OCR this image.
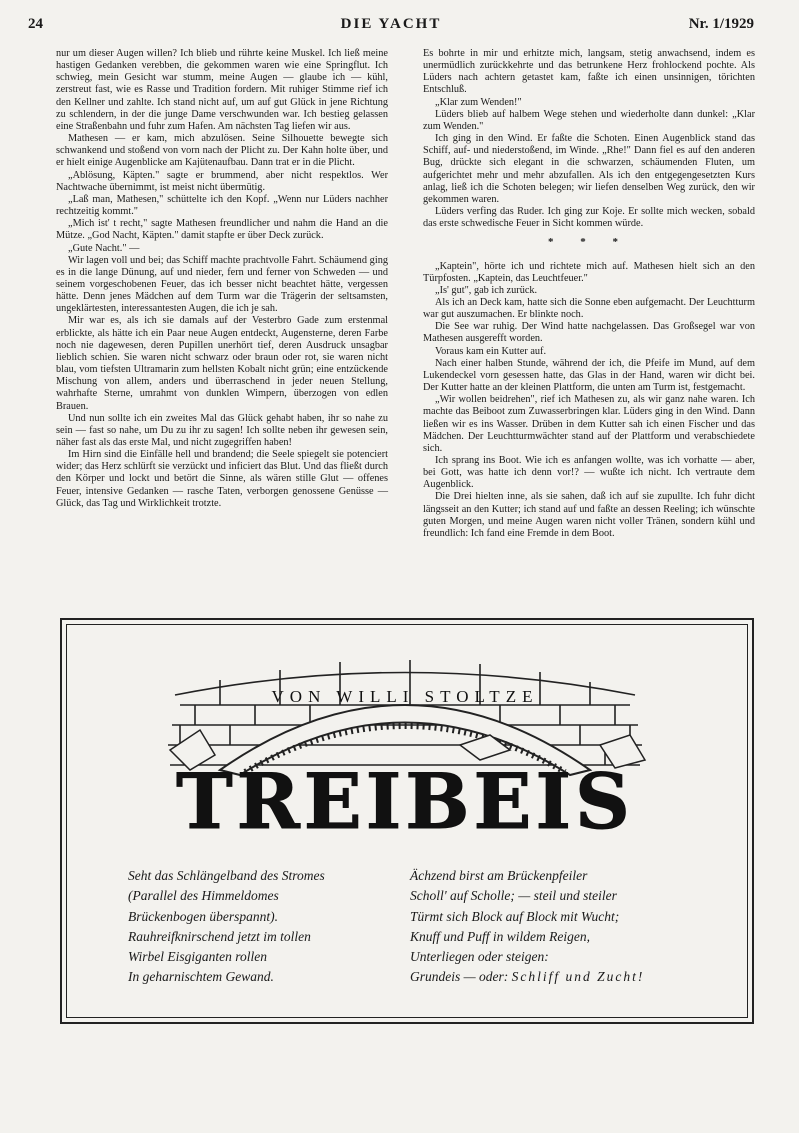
24	DIE YACHT	Nr. 1/1929

nur um dieser Augen willen? Ich blieb und rührte keine Muskel. Ich ließ meine hastigen Gedanken verebben, die gekommen waren wie eine Springflut. Ich schwieg, mein Gesicht war stumm, meine Augen — glaube ich — kühl, zerstreut fast, wie es Rasse und Tradition fordern. Mit ruhiger Stimme rief ich den Kellner und zahlte. Ich stand nicht auf, um auf gut Glück in jene Richtung zu schlendern, in der die junge Dame verschwunden war. Ich bestieg gelassen eine Straßenbahn und fuhr zum Hafen. Am nächsten Tag liefen wir aus.

Mathesen — er kam, mich abzulösen. Seine Silhouette bewegte sich schwankend und stoßend von vorn nach der Plicht zu. Der Kahn holte über, und er hielt einige Augenblicke am Kajütenaufbau. Dann trat er in die Plicht.

„Ablösung, Käpten." sagte er brummend, aber nicht respektlos. Wer Nachtwache übernimmt, ist meist nicht übermütig.

„Laß man, Mathesen," schüttelte ich den Kopf. „Wenn nur Lüders nachher rechtzeitig kommt."

„Mich ist' t recht," sagte Mathesen freundlicher und nahm die Hand an die Mütze. „God Nacht, Käpten." damit stapfte er über Deck zurück.

„Gute Nacht." —

Wir lagen voll und bei; das Schiff machte prachtvolle Fahrt. Schäumend ging es in die lange Dünung, auf und nieder, fern und ferner von Schweden — und seinem vorgeschobenen Feuer, das ich besser nicht beachtet hätte, vergessen hätte. Denn jenes Mädchen auf dem Turm war die Trägerin der seltsamsten, ungeklärtesten, interessantesten Augen, die ich je sah.

Mir war es, als ich sie damals auf der Vesterbro Gade zum erstenmal erblickte, als hätte ich ein Paar neue Augen entdeckt, Augensterne, deren Farbe noch nie dagewesen, deren Pupillen unerhört tief, deren Ausdruck unsagbar lieblich schien. Sie waren nicht schwarz oder braun oder rot, sie waren nicht blau, vom tiefsten Ultramarin zum hellsten Kobalt nicht grün; eine entzückende Mischung von allem, anders und überraschend in jeder neuen Stellung, wahrhafte Sterne, umrahmt von dunklen Wimpern, überzogen von edlen Brauen.

Und nun sollte ich ein zweites Mal das Glück gehabt haben, ihr so nahe zu sein — fast so nahe, um Du zu ihr zu sagen! Ich sollte neben ihr gewesen sein, näher fast als das erste Mal, und nicht zugegriffen haben!

Im Hirn sind die Einfälle hell und brandend; die Seele spiegelt sie potenciert wider; das Herz schlürft sie verzückt und inficiert das Blut. Und das fließt durch den Körper und lockt und betört die Sinne, als wären stille Glut — offenes Feuer, intensive Gedanken — rasche Taten, verborgen genossene Genüsse — Glück, das Tag und Wirklichkeit trotzte.

Es bohrte in mir und erhitzte mich, langsam, stetig anwachsend, indem es unermüdlich zurückkehrte und das betrunkene Herz frohlockend pochte. Als Lüders nach achtern getastet kam, faßte ich einen unsinnigen, törichten Entschluß.

„Klar zum Wenden!"

Lüders blieb auf halbem Wege stehen und wiederholte dann dunkel: „Klar zum Wenden."

Ich ging in den Wind. Er faßte die Schoten. Einen Augenblick stand das Schiff, auf- und niederstoßend, im Winde. „Rhe!" Dann fiel es auf den anderen Bug, drückte sich elegant in die schwarzen, schäumenden Fluten, um aufgerichtet mehr und mehr abzufallen. Als ich den entgegengesetzten Kurs anlag, ließ ich die Schoten belegen; wir liefen denselben Weg zurück, den wir gekommen waren.

Lüders verfing das Ruder. Ich ging zur Koje. Er sollte mich wecken, sobald das erste schwedische Feuer in Sicht kommen würde.

* * *

„Kaptein", hörte ich und richtete mich auf. Mathesen hielt sich an den Türpfosten. „Kaptein, das Leuchtfeuer."

„Is' gut", gab ich zurück.

Als ich an Deck kam, hatte sich die Sonne eben aufgemacht. Der Leuchtturm war gut auszumachen. Er blinkte noch.

Die See war ruhig. Der Wind hatte nachgelassen. Das Großsegel war von Mathesen ausgerefft worden.

Voraus kam ein Kutter auf.

Nach einer halben Stunde, während der ich, die Pfeife im Mund, auf dem Lukendeckel vorn gesessen hatte, das Glas in der Hand, waren wir dicht bei. Der Kutter hatte an der kleinen Plattform, die unten am Turm ist, festgemacht.

„Wir wollen beidrehen", rief ich Mathesen zu, als wir ganz nahe waren. Ich machte das Beiboot zum Zuwasserbringen klar. Lüders ging in den Wind. Dann ließen wir es ins Wasser. Drüben in dem Kutter sah ich einen Fischer und das Mädchen. Der Leuchtturmwächter stand auf der Plattform und verabschiedete sich.

Ich sprang ins Boot. Wie ich es anfangen wollte, was ich vorhatte — aber, bei Gott, was hatte ich denn vor!? — wußte ich nicht. Ich vertraute dem Augenblick.

Die Drei hielten inne, als sie sahen, daß ich auf sie zupullte. Ich fuhr dicht längsseit an den Kutter; ich stand auf und faßte an dessen Reeling; ich wünschte guten Morgen, und meine Augen waren nicht voller Tränen, sondern kühl und freundlich: Ich fand eine Fremde in dem Boot.

VON WILLI STOLTZE
TREIBEIS
Seht das Schlängelband des Stromes
(Parallel des Himmeldomes
Brückenbogen überspannt).
Rauhreifknirschend jetzt im tollen
Wirbel Eisgiganten rollen
In geharnischtem Gewand.
Ächzend birst am Brückenpfeiler
Scholl' auf Scholle; — steil und steiler
Türmt sich Block auf Block mit Wucht;
Knuff und Puff in wildem Reigen,
Unterliegen oder steigen:
Grundeis — oder: Schliff und Zucht!
